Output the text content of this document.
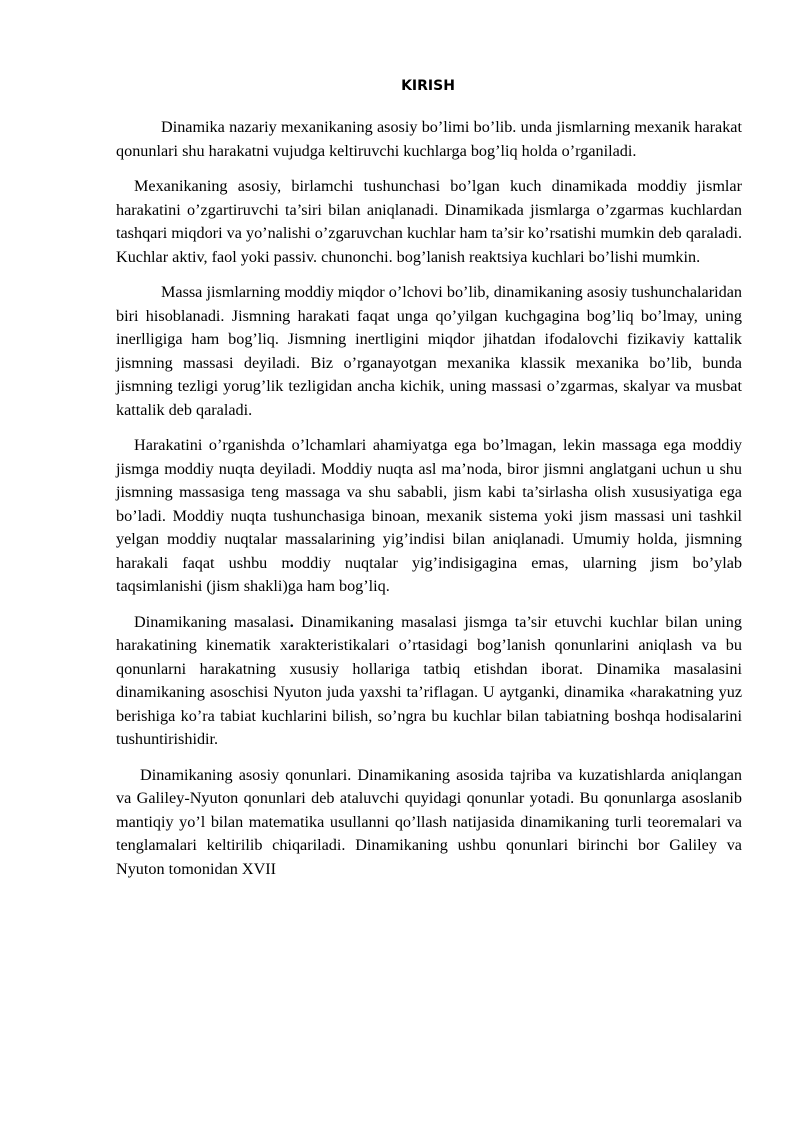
KIRISH

Dinamika nazariy mexanikaning asosiy bo’limi bo’lib. unda jismlarning mexanik harakat qonunlari shu harakatni vujudga keltiruvchi kuchlarga bog’liq holda o’rganiladi.

Mexanikaning asosiy, birlamchi tushunchasi bo’lgan kuch dinamikada moddiy jismlar harakatini o’zgartiruvchi ta’siri bilan aniqlanadi. Dinamikada jismlarga o’zgarmas kuchlardan tashqari miqdori va yo’nalishi o’zgaruvchan kuchlar ham ta’sir ko’rsatishi mumkin deb qaraladi. Kuchlar aktiv, faol yoki passiv. chunonchi. bog’lanish reaktsiya kuchlari bo’lishi mumkin.

Massa jismlarning moddiy miqdor o’lchovi bo’lib, dinamikaning asosiy tushunchalaridan biri hisoblanadi. Jismning harakati faqat unga qo’yilgan kuchgagina bog’liq bo’lmay, uning inerlligiga ham bog’liq. Jismning inertligini miqdor jihatdan ifodalovchi fizikaviy kattalik jismning massasi deyiladi. Biz o’rganayotgan mexanika klassik mexanika bo’lib, bunda jismning tezligi yorug’lik tezligidan ancha kichik, uning massasi o’zgarmas, skalyar va musbat kattalik deb qaraladi.

Harakatini o’rganishda o’lchamlari ahamiyatga ega bo’lmagan, lekin massaga ega moddiy jismga moddiy nuqta deyiladi. Moddiy nuqta asl ma’noda, biror jismni anglatgani uchun u shu jismning massasiga teng massaga va shu sababli, jism kabi ta’sirlasha olish xususiyatiga ega bo’ladi. Moddiy nuqta tushunchasiga binoan, mexanik sistema yoki jism massasi uni tashkil yelgan moddiy nuqtalar massalarining yig’indisi bilan aniqlanadi. Umumiy holda, jismning harakali faqat ushbu moddiy nuqtalar yig’indisigagina emas, ularning jism bo’ylab taqsimlanishi (jism shakli)ga ham bog’liq.

Dinamikaning masalasi. Dinamikaning masalasi jismga ta’sir etuvchi kuchlar bilan uning harakatining kinematik xarakteristikalari o’rtasidagi bog’lanish qonunlarini aniqlash va bu qonunlarni harakatning xususiy hollariga tatbiq etishdan iborat. Dinamika masalasini dinamikaning asoschisi Nyuton juda yaxshi ta’riflagan. U aytganki, dinamika «harakatning yuz berishiga ko’ra tabiat kuchlarini bilish, so’ngra bu kuchlar bilan tabiatning boshqa hodisalarini tushuntirishidir.

Dinamikaning asosiy qonunlari. Dinamikaning asosida tajriba va kuzatishlarda aniqlangan va Galiley-Nyuton qonunlari deb ataluvchi quyidagi qonunlar yotadi. Bu qonunlarga asoslanib mantiqiy yo’l bilan matematika usullanni qo’llash natijasida dinamikaning turli teoremalari va tenglamalari keltirilib chiqariladi. Dinamikaning ushbu qonunlari birinchi bor Galiley va Nyuton tomonidan XVII
